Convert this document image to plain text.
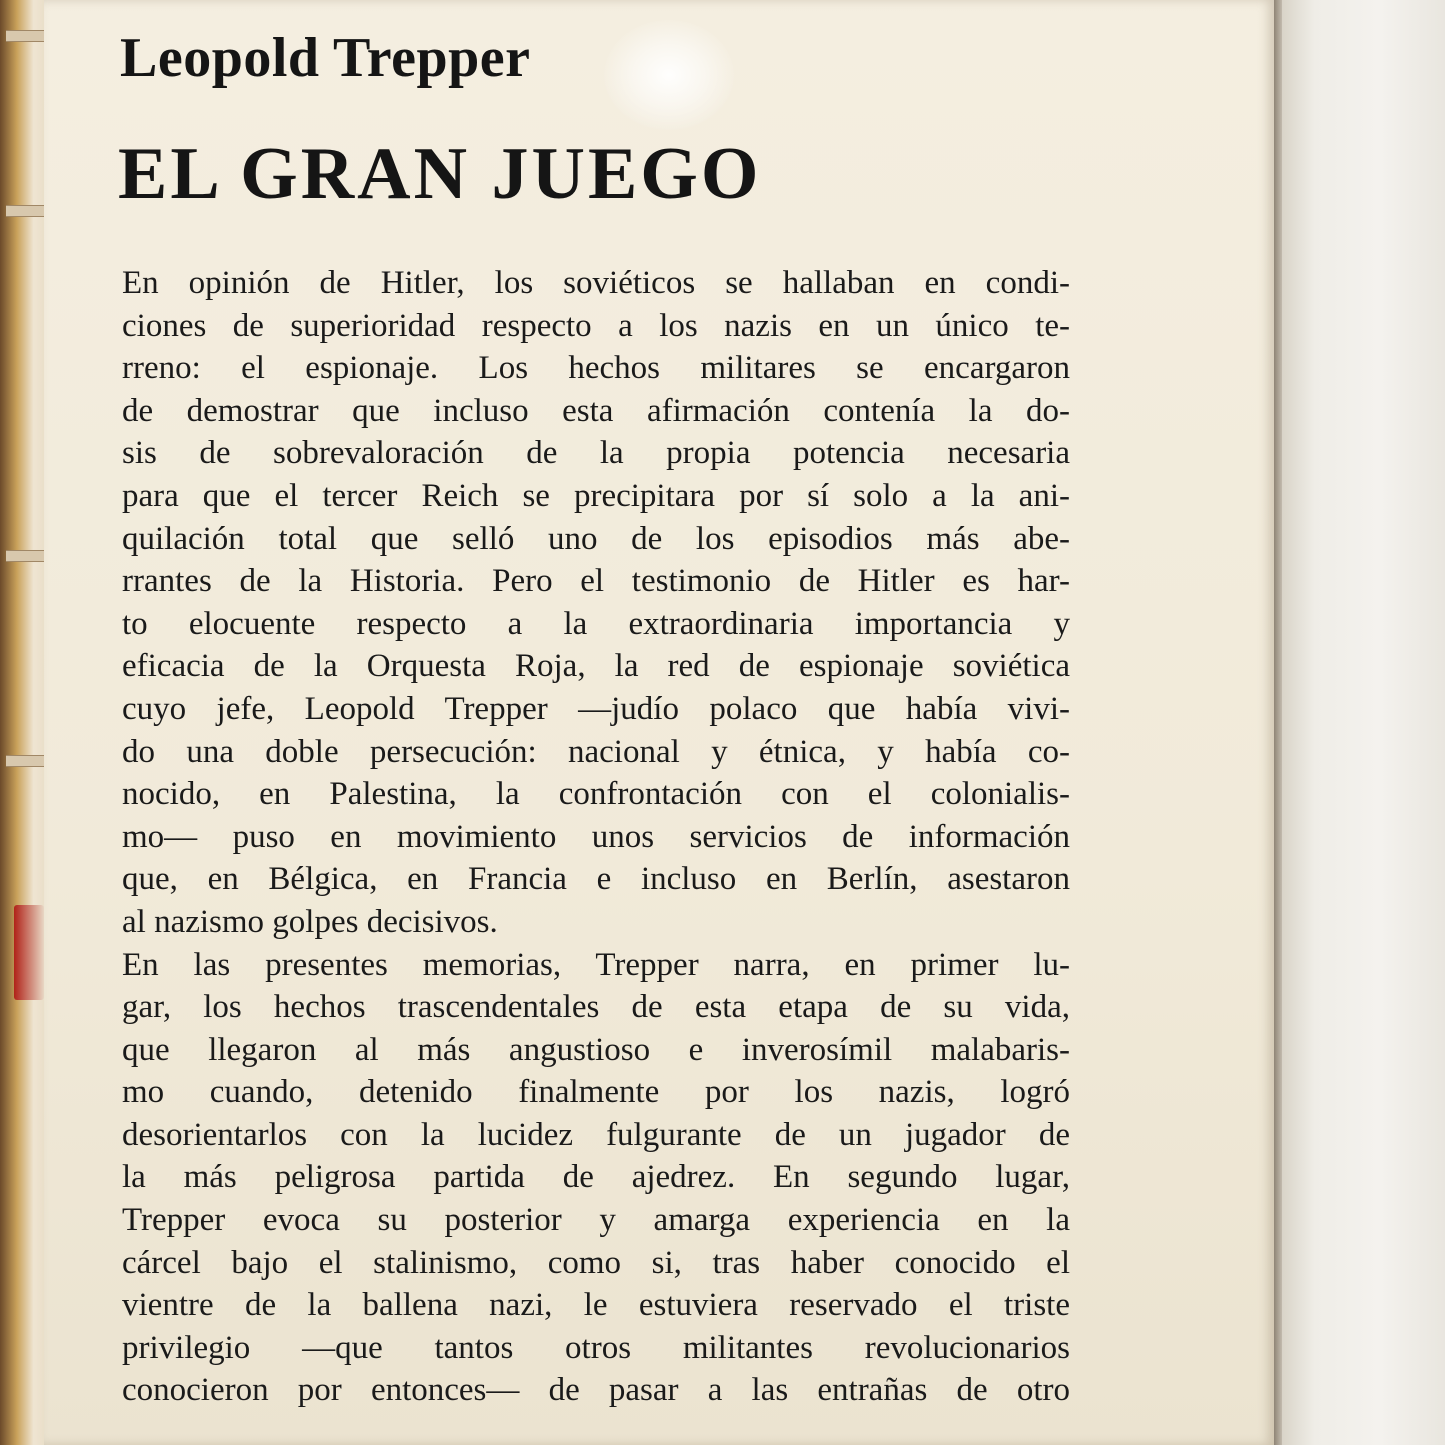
Leopold Trepper
EL GRAN JUEGO
En opinión de Hitler, los soviéticos se hallaban en condi-
ciones de superioridad respecto a los nazis en un único te-
rreno: el espionaje. Los hechos militares se encargaron
de demostrar que incluso esta afirmación contenía la do-
sis de sobrevaloración de la propia potencia necesaria
para que el tercer Reich se precipitara por sí solo a la ani-
quilación total que selló uno de los episodios más abe-
rrantes de la Historia. Pero el testimonio de Hitler es har-
to elocuente respecto a la extraordinaria importancia y
eficacia de la Orquesta Roja, la red de espionaje soviética
cuyo jefe, Leopold Trepper —judío polaco que había vivi-
do una doble persecución: nacional y étnica, y había co-
nocido, en Palestina, la confrontación con el colonialis-
mo— puso en movimiento unos servicios de información
que, en Bélgica, en Francia e incluso en Berlín, asestaron
al nazismo golpes decisivos.
En las presentes memorias, Trepper narra, en primer lu-
gar, los hechos trascendentales de esta etapa de su vida,
que llegaron al más angustioso e inverosímil malabaris-
mo cuando, detenido finalmente por los nazis, logró
desorientarlos con la lucidez fulgurante de un jugador de
la más peligrosa partida de ajedrez. En segundo lugar,
Trepper evoca su posterior y amarga experiencia en la
cárcel bajo el stalinismo, como si, tras haber conocido el
vientre de la ballena nazi, le estuviera reservado el triste
privilegio —que tantos otros militantes revolucionarios
conocieron por entonces— de pasar a las entrañas de otro
